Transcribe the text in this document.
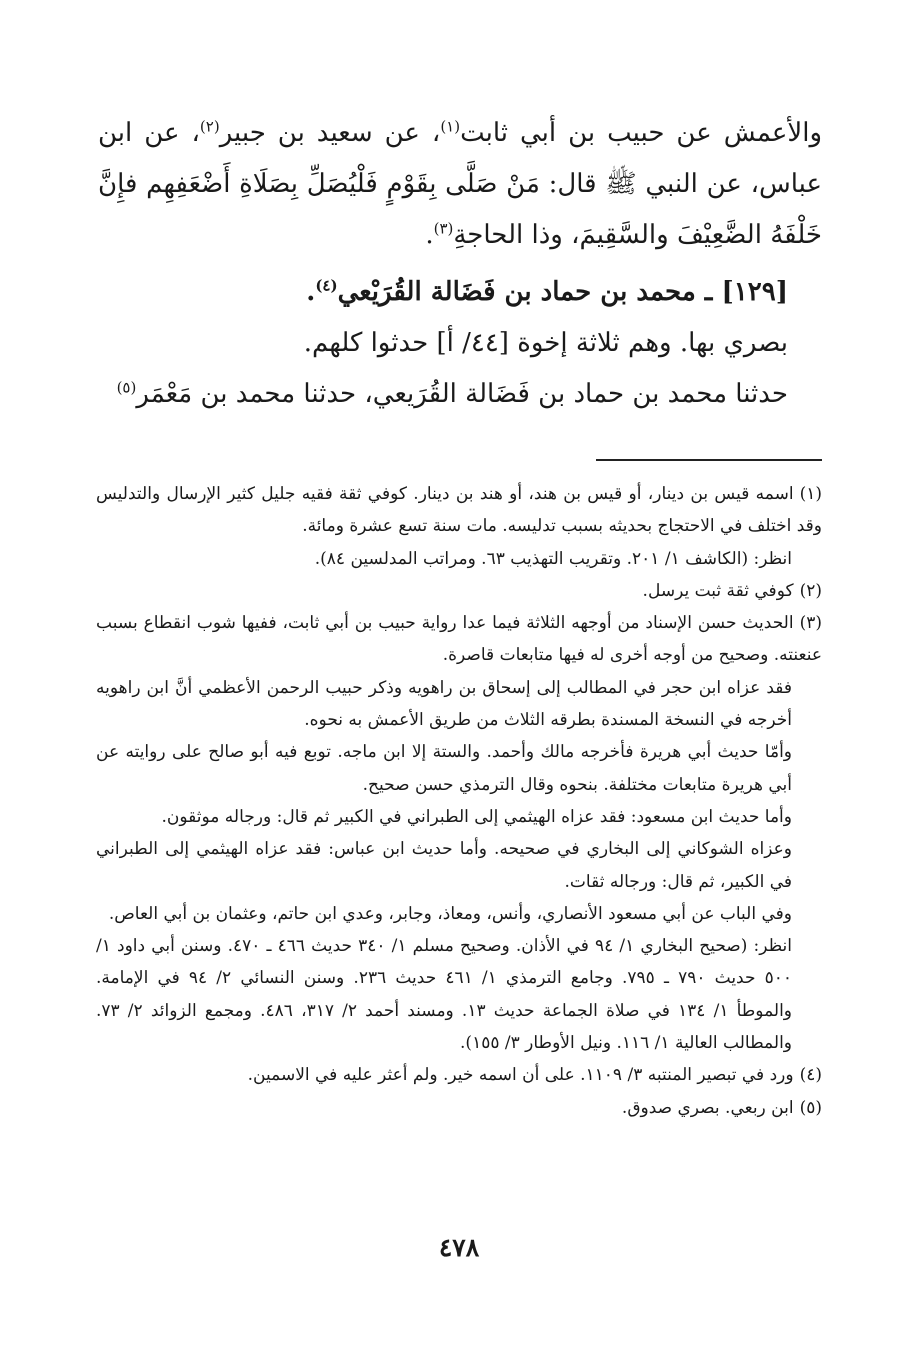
والأعمش عن حبيب بن أبي ثابت$^{(١)}$، عن سعيد بن جبير$^{(٢)}$، عن ابن عباس، عن النبي ﷺ قال: مَنْ صَلَّى بِقَوْمٍ فَلْيُصَلِّ بِصَلَاةِ أَضْعَفِهِم فإِنَّ خَلْفَهُ الضَّعِيْفَ والسَّقِيمَ، وذا الحاجةِ$^{(٣)}$.

[١٢٩] ـ محمد بن حماد بن فَضَالة القُرَيْعي$^{(٤)}$.

بصري بها. وهم ثلاثة إخوة [٤٤/ أ] حدثوا كلهم.

حدثنا محمد بن حماد بن فَضَالة القُرَيعي، حدثنا محمد بن مَعْمَر$^{(٥)}$

(١)اسمه قيس بن دينار، أو قيس بن هند، أو هند بن دينار. كوفي ثقة فقيه جليل كثير الإرسال والتدليس وقد اختلف في الاحتجاج بحديثه بسبب تدليسه. مات سنة تسع عشرة ومائة.

انظر: (الكاشف ١/ ٢٠١. وتقريب التهذيب ٦٣. ومراتب المدلسين ٨٤).

(٢)كوفي ثقة ثبت يرسل.

(٣)الحديث حسن الإسناد من أوجهه الثلاثة فيما عدا رواية حبيب بن أبي ثابت، ففيها شوب انقطاع بسبب عنعنته. وصحيح من أوجه أخرى له فيها متابعات قاصرة.

فقد عزاه ابن حجر في المطالب إلى إسحاق بن راهويه وذكر حبيب الرحمن الأعظمي أنَّ ابن راهويه أخرجه في النسخة المسندة بطرقه الثلاث من طريق الأعمش به نحوه.

وأمّا حديث أبي هريرة فأخرجه مالك وأحمد. والستة إلا ابن ماجه. توبع فيه أبو صالح على روايته عن أبي هريرة متابعات مختلفة. بنحوه وقال الترمذي حسن صحيح.

وأما حديث ابن مسعود: فقد عزاه الهيثمي إلى الطبراني في الكبير ثم قال: ورجاله موثقون.

وعزاه الشوكاني إلى البخاري في صحيحه. وأما حديث ابن عباس: فقد عزاه الهيثمي إلى الطبراني في الكبير، ثم قال: ورجاله ثقات.

وفي الباب عن أبي مسعود الأنصاري، وأنس، ومعاذ، وجابر، وعدي ابن حاتم، وعثمان بن أبي العاص.

انظر: (صحيح البخاري ١/ ٩٤ في الأذان. وصحيح مسلم ١/ ٣٤٠ حديث ٤٦٦ ـ ٤٧٠. وسنن أبي داود ١/ ٥٠٠ حديث ٧٩٠ ـ ٧٩٥. وجامع الترمذي ١/ ٤٦١ حديث ٢٣٦. وسنن النسائي ٢/ ٩٤ في الإمامة. والموطأ ١/ ١٣٤ في صلاة الجماعة حديث ١٣. ومسند أحمد ٢/ ٣١٧، ٤٨٦. ومجمع الزوائد ٢/ ٧٣. والمطالب العالية ١/ ١١٦. ونيل الأوطار ٣/ ١٥٥).

(٤)ورد في تبصير المنتبه ٣/ ١١٠٩. على أن اسمه خير. ولم أعثر عليه في الاسمين.

(٥)ابن ربعي. بصري صدوق.

٤٧٨
